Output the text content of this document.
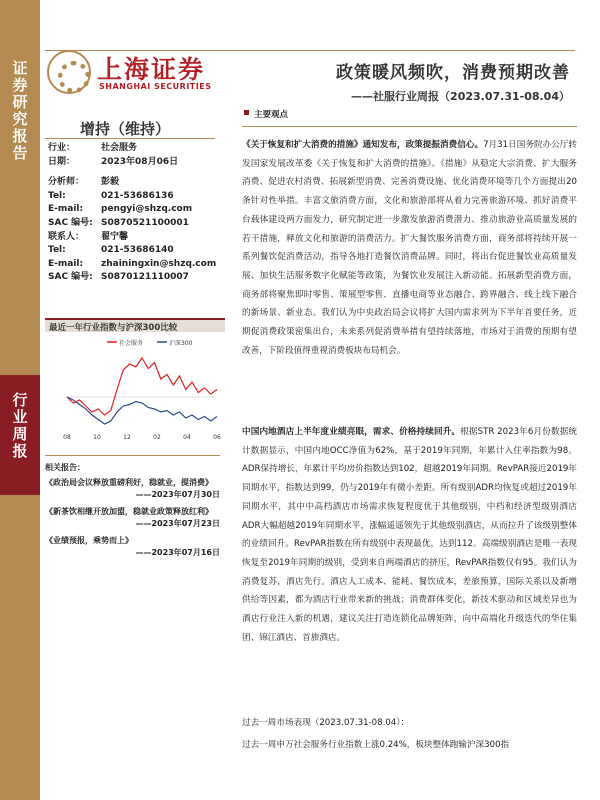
证
券
研
究
报
告
行
业
周
报
上海证券
SHANGHAI SECURITIES
政策暖风频吹，消费预期改善
——社服行业周报（2023.07.31-08.04）
增持（维持）
行业：	社会服务
日期：	2023年08月06日
分析师：	彭毅
Tel:	021-53686136
E-mail:	pengyi@shzq.com
SAC 编号: S0870521100001
联系人：	翟宁馨
Tel:	021-53686140
E-mail:	zhainingxin@shzq.com
SAC 编号: S0870121110007
最近一年行业指数与沪深300比较
08	10	12	02	04	06
社会服务	沪深300
相关报告：
《政治局会议释放重磅利好，稳就业，提消费》
——2023年07月30日
《新茶饮相继开放加盟，稳就业政策释放红利》
——2023年07月23日
《业绩预报，乘势而上》
——2023年07月16日
主要观点
《关于恢复和扩大消费的措施》通知发布，政策提振消费信心。7月31日国务院办公厅转发国家发展改革委《关于恢复和扩大消费的措施》。《措施》从稳定大宗消费、扩大服务消费、促进农村消费、拓展新型消费、完善消费设施、优化消费环境等几个方面提出20条针对性举措。丰富文旅消费方面，文化和旅游部将从着力完善旅游环境、抓好消费平台载体建设两方面发力，研究制定进一步激发旅游消费潜力、推动旅游业高质量发展的若干措施，释放文化和旅游的消费活力。扩大餐饮服务消费方面，商务部将持续开展一系列餐饮促消费活动，指导各地打造餐饮消费品牌。同时，将出台促进餐饮业高质量发展、加快生活服务数字化赋能等政策，为餐饮业发展注入新动能。拓展新型消费方面，商务部将聚焦即时零售、策展型零售、直播电商等业态融合、跨界融合、线上线下融合的新场景、新业态。我们认为中央政治局会议将扩大国内需求列为下半年首要任务，近期促消费政策密集出台，未来系列促消费举措有望持续落地，市场对于消费的预期有望改善，下阶段值得重视消费板块布局机会。
中国内地酒店上半年度业绩亮眼，需求、价格持续回升。根据STR 2023年6月份数据统计数据显示，中国内地OCC净值为62%，基于2019年同期，年累计入住率指数为98。ADR保持增长，年累计平均房价指数达到102，超越2019年同期。RevPAR接近2019年同期水平，指数达到99，仍与2019年有微小差距。所有级别ADR均恢复或超过2019年同期水平，其中中高档酒店市场需求恢复程度优于其他级别，中档和经济型级别酒店ADR大幅超越2019年同期水平，涨幅遥遥领先于其他级别酒店，从而拉升了该级别整体的业绩回升。RevPAR指数在所有级别中表现最优，达到112。高端级别酒店是唯一表现恢复至2019年同期的级别，受到来自两端酒店的挤压，RevPAR指数仅有95。我们认为消费复苏，酒店先行。酒店人工成本、能耗、餐饮成本，差旅预算，国际关系以及新增供给等因素，都为酒店行业带来新的挑战；消费群体变化，新技术驱动和区域差异也为酒店行业注入新的机遇，建议关注打造连锁化品牌矩阵，向中高端化升级迭代的华住集团、锦江酒店、首旅酒店。
过去一周市场表现（2023.07.31-08.04）：
过去一周申万社会服务行业指数上涨0.24%，板块整体跑输沪深300指
